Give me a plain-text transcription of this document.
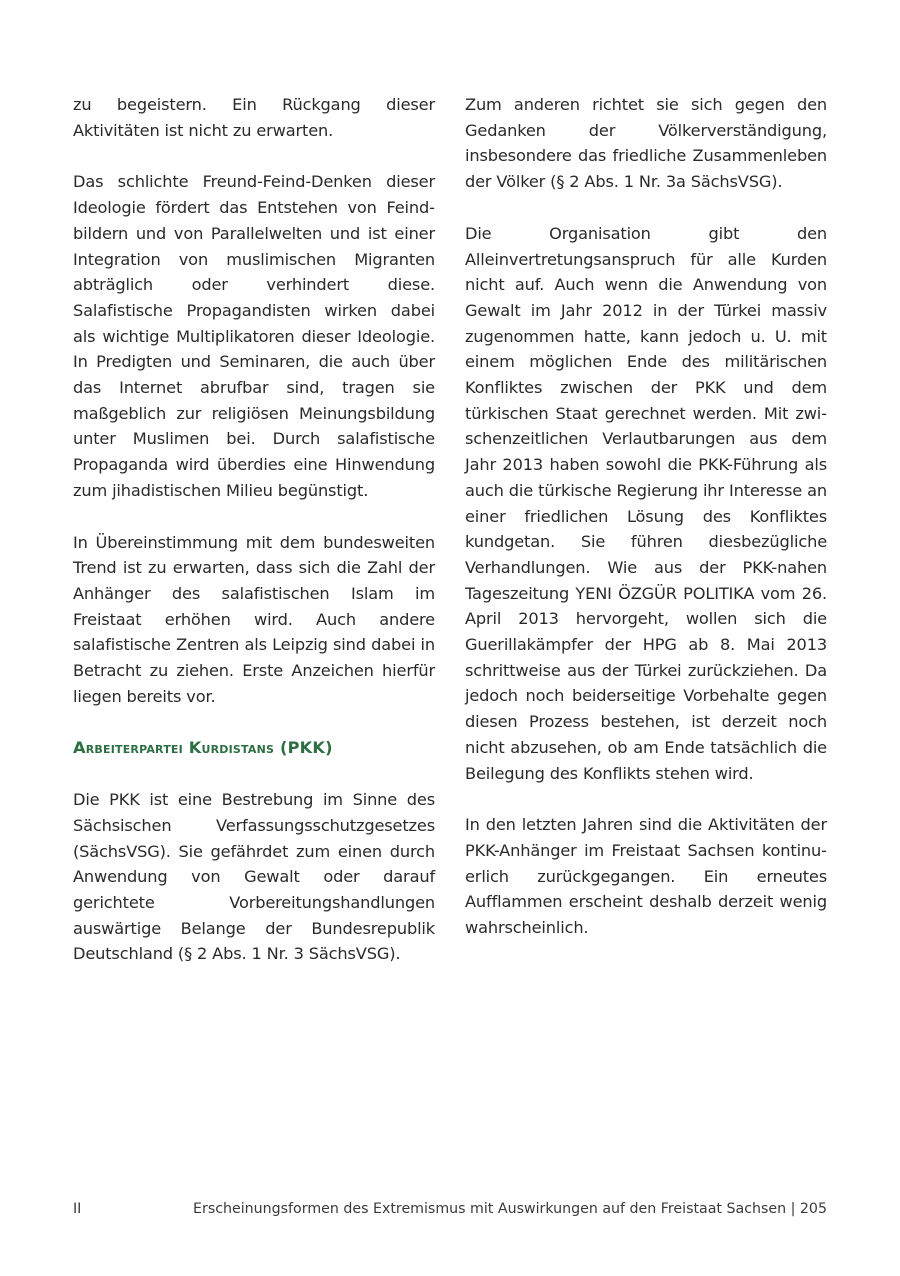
zu begeistern. Ein Rückgang dieser Aktivitäten ist nicht zu erwarten.

Das schlichte Freund-Feind-Denken dieser Ideologie fördert das Entstehen von Feindbildern und von Parallelwelten und ist einer Integration von muslimischen Migranten abträglich oder verhindert diese. Salafistische Propagandisten wirken dabei als wichtige Multiplikatoren dieser Ideologie. In Predigten und Seminaren, die auch über das Internet abrufbar sind, tragen sie maßgeblich zur religiösen Meinungsbildung unter Muslimen bei. Durch salafistische Propaganda wird überdies eine Hinwendung zum jihadistischen Milieu begünstigt.

In Übereinstimmung mit dem bundesweiten Trend ist zu erwarten, dass sich die Zahl der Anhänger des salafistischen Islam im Freistaat erhöhen wird. Auch andere salafistische Zentren als Leipzig sind dabei in Betracht zu ziehen. Erste Anzeichen hierfür liegen bereits vor.

Arbeiterpartei Kurdistans (PKK)

Die PKK ist eine Bestrebung im Sinne des Sächsischen Verfassungsschutzgesetzes (SächsVSG). Sie gefährdet zum einen durch Anwendung von Gewalt oder darauf gerichtete Vorbereitungshandlungen auswärtige Belange der Bundesrepublik Deutschland (§ 2 Abs. 1 Nr. 3 SächsVSG).

Zum anderen richtet sie sich gegen den Gedanken der Völkerverständigung, insbesondere das friedliche Zusammenleben der Völker (§ 2 Abs. 1 Nr. 3a SächsVSG).

Die Organisation gibt den Alleinvertretungsanspruch für alle Kurden nicht auf. Auch wenn die Anwendung von Gewalt im Jahr 2012 in der Türkei massiv zugenommen hatte, kann jedoch u. U. mit einem möglichen Ende des militärischen Konfliktes zwischen der PKK und dem türkischen Staat gerechnet werden. Mit zwischenzeitlichen Verlautbarungen aus dem Jahr 2013 haben sowohl die PKK-Führung als auch die türkische Regierung ihr Interesse an einer friedlichen Lösung des Konfliktes kundgetan. Sie führen diesbezügliche Verhandlungen. Wie aus der PKK-nahen Tageszeitung YENI ÖZGÜR POLITIKA vom 26. April 2013 hervorgeht, wollen sich die Guerillakämpfer der HPG ab 8. Mai 2013 schrittweise aus der Türkei zurückziehen. Da jedoch noch beiderseitige Vorbehalte gegen diesen Prozess bestehen, ist derzeit noch nicht abzusehen, ob am Ende tatsächlich die Beilegung des Konflikts stehen wird.

In den letzten Jahren sind die Aktivitäten der PKK-Anhänger im Freistaat Sachsen kontinuerlich zurückgegangen. Ein erneutes Aufflammen erscheint deshalb derzeit wenig wahrscheinlich.

II	Erscheinungsformen des Extremismus mit Auswirkungen auf den Freistaat Sachsen | 205
